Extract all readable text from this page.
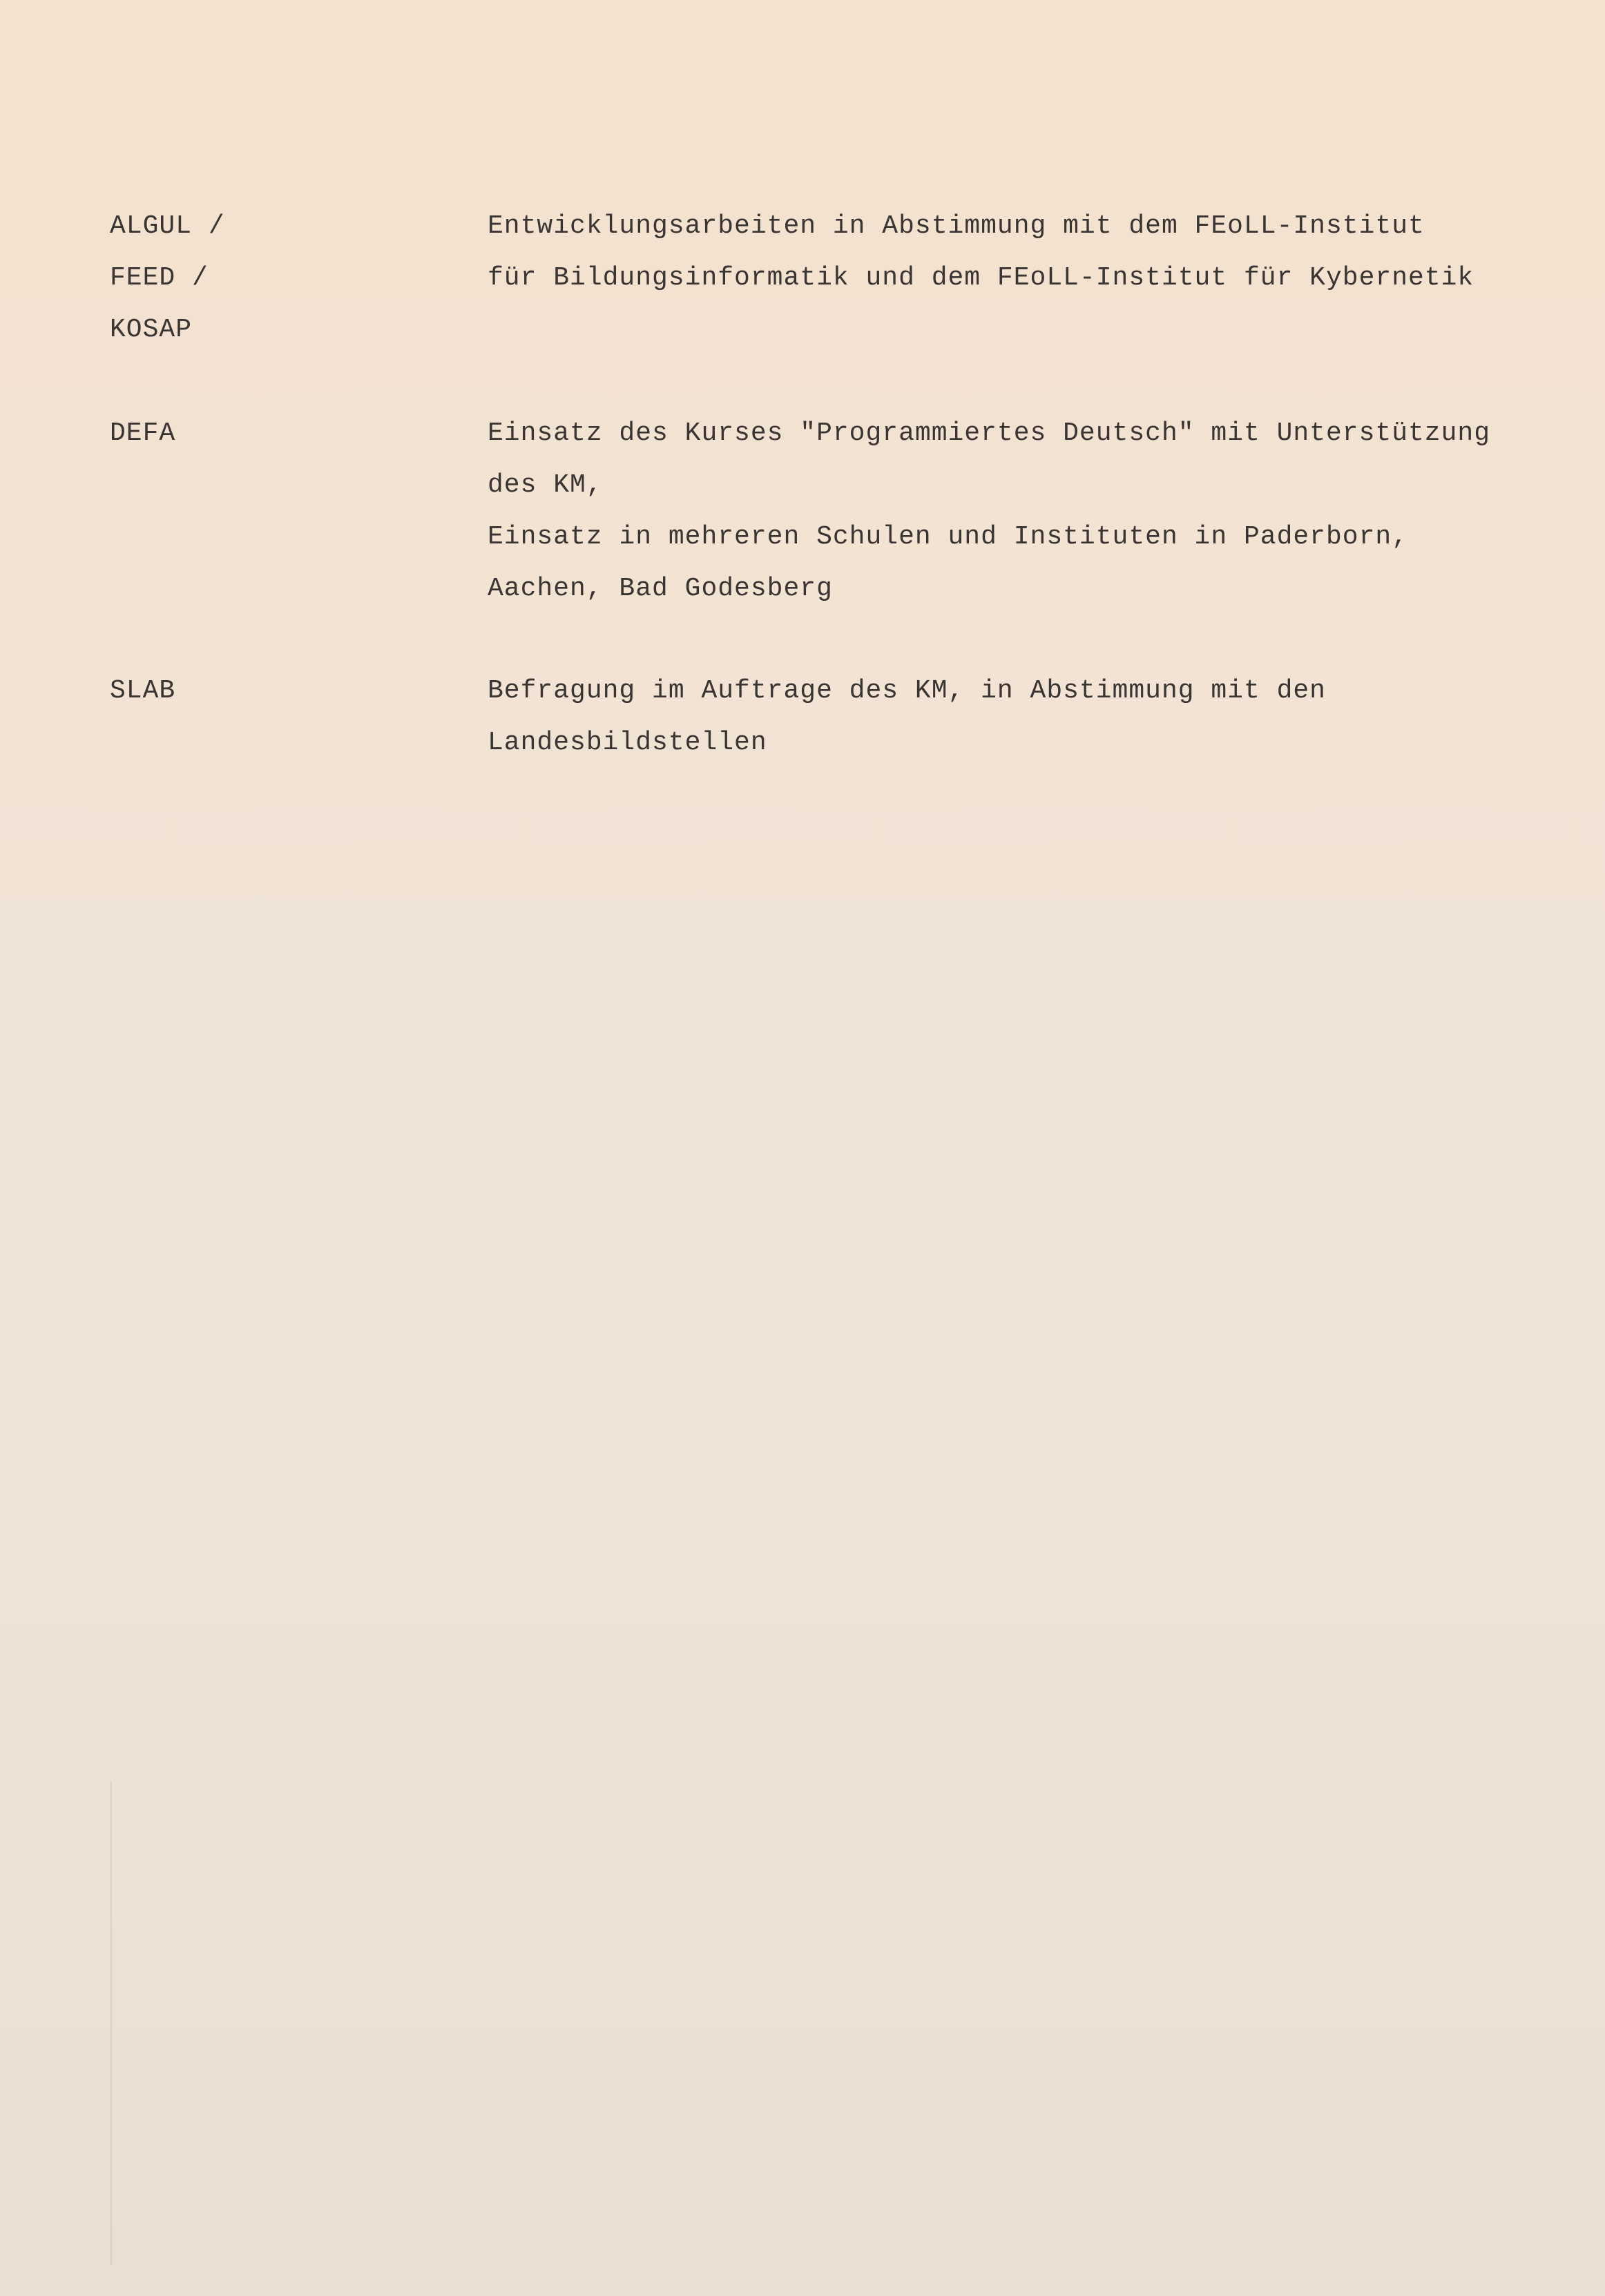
ALGUL /
FEED /
KOSAP
Entwicklungsarbeiten in Abstimmung mit dem FEoLL-Institut
für Bildungsinformatik und dem FEoLL-Institut für Kybernetik
DEFA	Einsatz des Kurses "Programmiertes Deutsch" mit Unterstützung
des KM,
Einsatz in mehreren Schulen und Instituten in Paderborn,
Aachen, Bad Godesberg
SLAB	Befragung im Auftrage des KM, in Abstimmung mit den
Landesbildstellen
